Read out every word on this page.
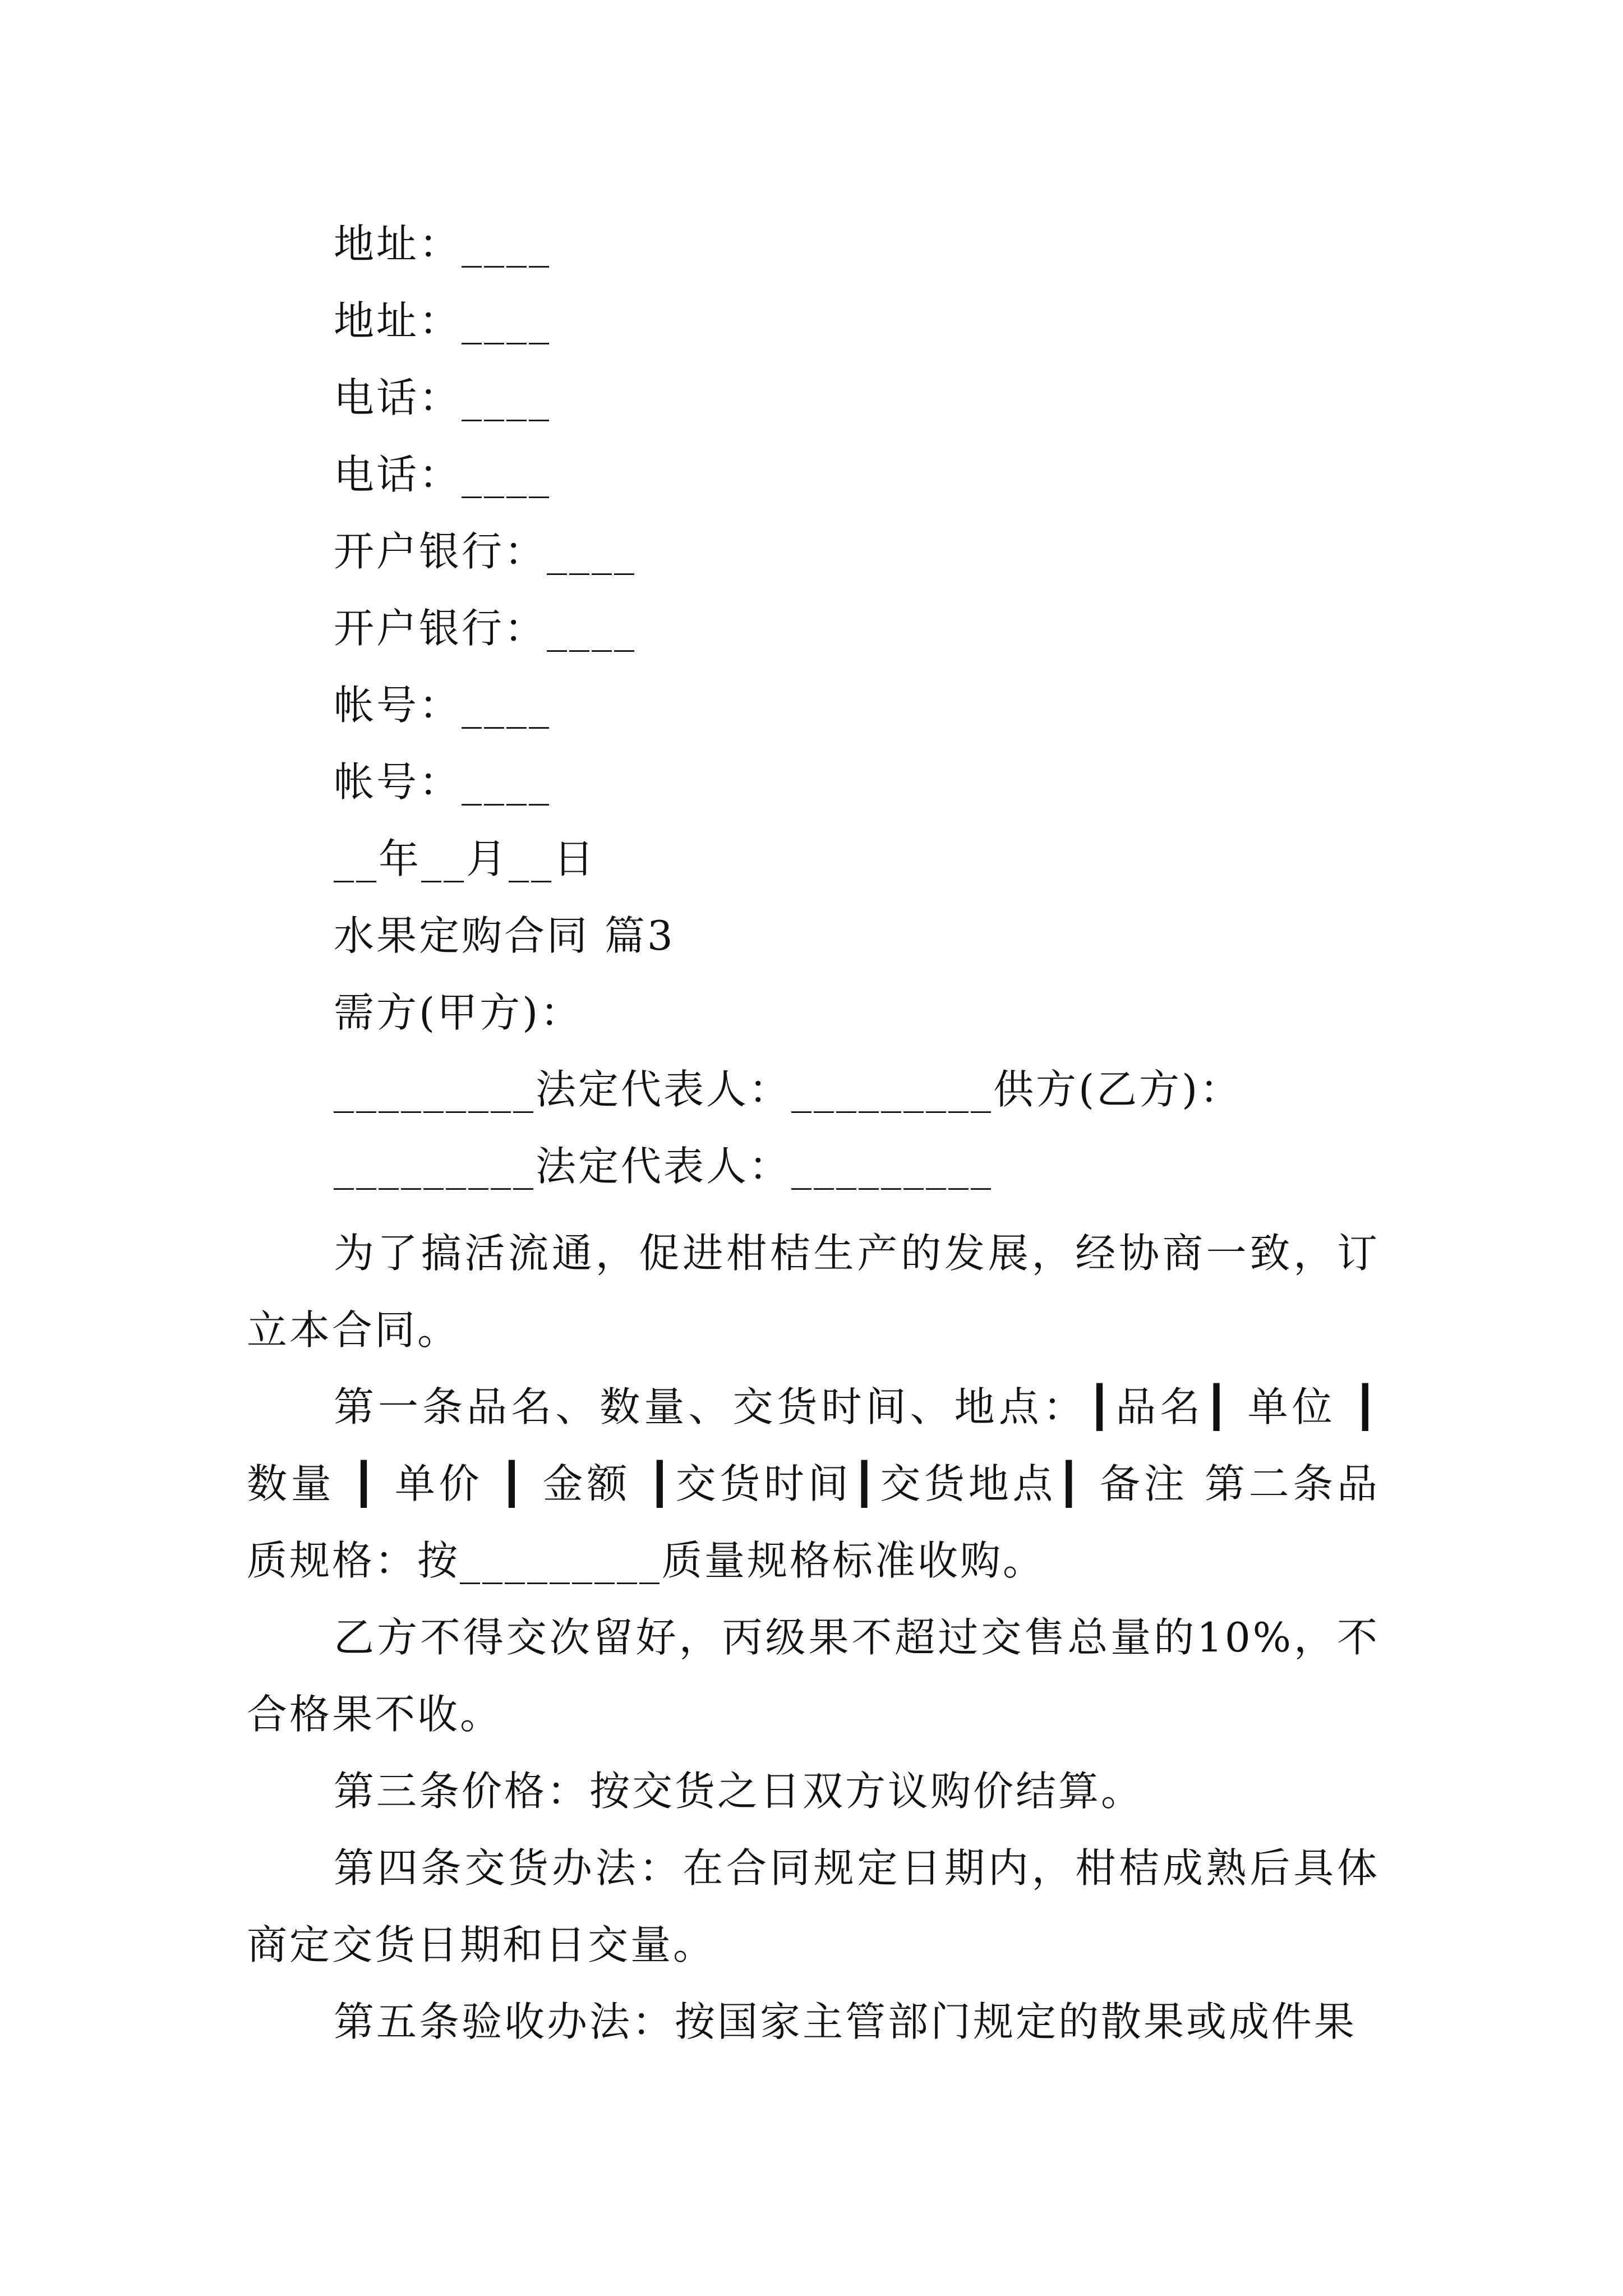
地址：____
地址：____
电话：____
电话：____
开户银行：____
开户银行：____
帐号：____
帐号：____
__年__月__日
水果定购合同 篇3
需方(甲方)：
_________法定代表人：_________供方(乙方)：
_________法定代表人：_________
为了搞活流通，促进柑桔生产的发展，经协商一致，订立本合同。
第一条品名、数量、交货时间、地点：┃品名┃ 单位 ┃数量 ┃ 单价 ┃ 金额 ┃交货时间┃交货地点┃ 备注 第二条品质规格：按_________质量规格标准收购。
乙方不得交次留好，丙级果不超过交售总量的10%，不合格果不收。
第三条价格：按交货之日双方议购价结算。
第四条交货办法：在合同规定日期内，柑桔成熟后具体商定交货日期和日交量。
第五条验收办法：按国家主管部门规定的散果或成件果
